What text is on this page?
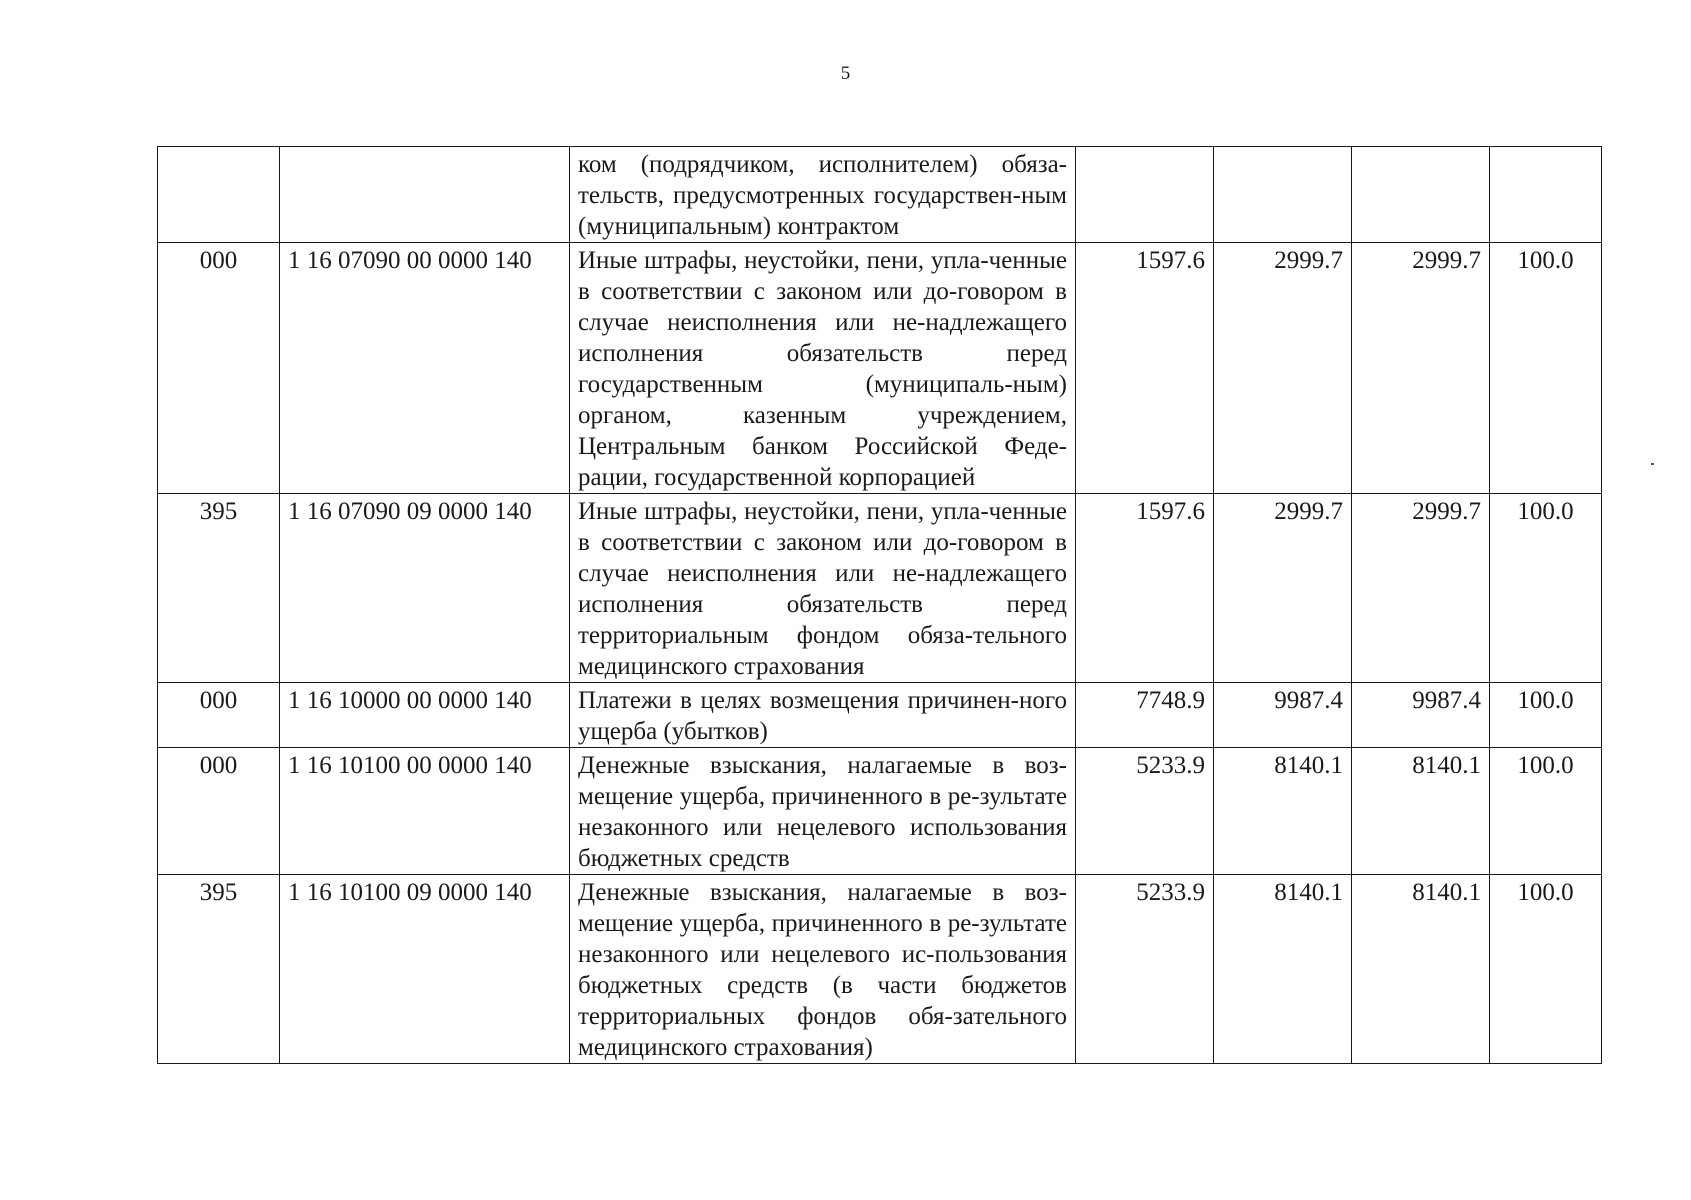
5
		ком (подрядчиком, исполнителем) обяза-тельств, предусмотренных государствен-ным (муниципальным) контрактом				
000	1 16 07090 00 0000 140	Иные штрафы, неустойки, пени, упла-ченные в соответствии с законом или до-говором в случае неисполнения или не-надлежащего исполнения обязательств перед государственным (муниципаль-ным) органом, казенным учреждением, Центральным банком Российской Феде-рации, государственной корпорацией	1597.6	2999.7	2999.7	100.0
395	1 16 07090 09 0000 140	Иные штрафы, неустойки, пени, упла-ченные в соответствии с законом или до-говором в случае неисполнения или не-надлежащего исполнения обязательств перед территориальным фондом обяза-тельного медицинского страхования	1597.6	2999.7	2999.7	100.0
000	1 16 10000 00 0000 140	Платежи в целях возмещения причинен-ного ущерба (убытков)	7748.9	9987.4	9987.4	100.0
000	1 16 10100 00 0000 140	Денежные взыскания, налагаемые в воз-мещение ущерба, причиненного в ре-зультате незаконного или нецелевого использования бюджетных средств	5233.9	8140.1	8140.1	100.0
395	1 16 10100 09 0000 140	Денежные взыскания, налагаемые в воз-мещение ущерба, причиненного в ре-зультате незаконного или нецелевого ис-пользования бюджетных средств (в части бюджетов территориальных фондов обя-зательного медицинского страхования)	5233.9	8140.1	8140.1	100.0
